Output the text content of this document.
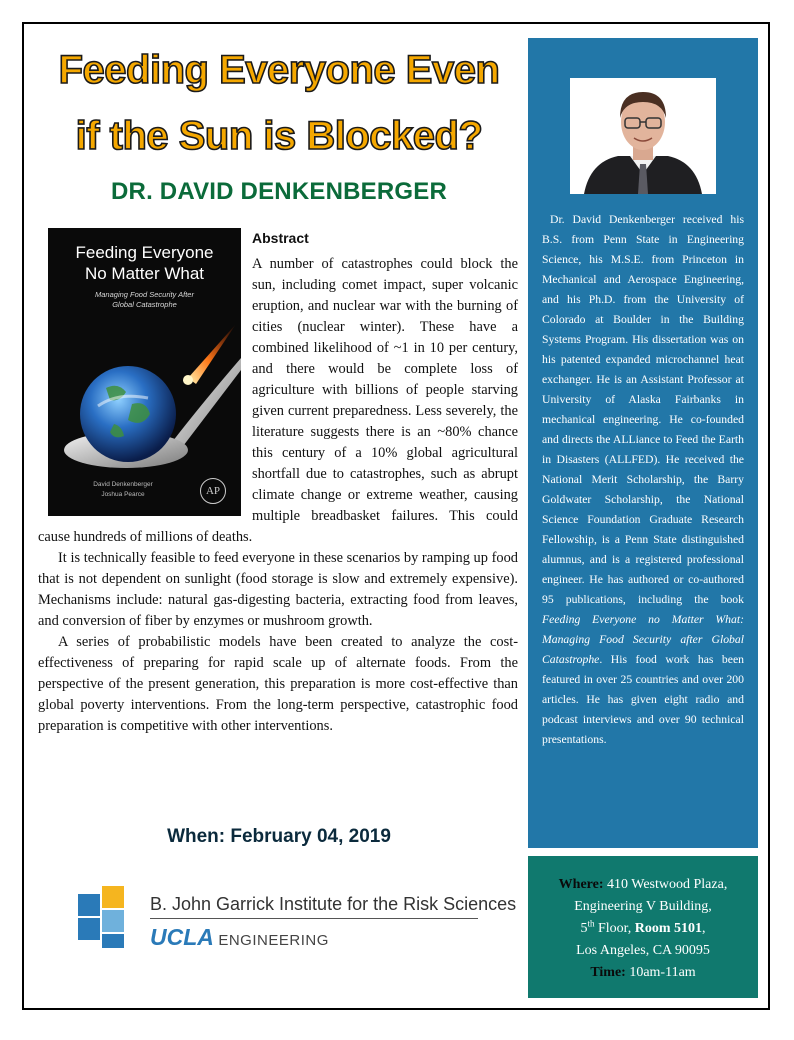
Feeding Everyone Even
if the Sun is Blocked?
DR. DAVID DENKENBERGER
Feeding Everyone
No Matter What
Managing Food Security After
Global Catastrophe
David Denkenberger
Joshua Pearce	AP
Abstract

A number of catastrophes could block the sun, including comet impact, super volcanic eruption, and nuclear war with the burning of cities (nuclear winter). These have a combined likelihood of ~1 in 10 per century, and there would be complete loss of agriculture with billions of people starving given current preparedness. Less severely, the literature suggests there is an ~80% chance this century of a 10% global agricultural shortfall due to catastrophes, such as abrupt climate change or extreme weather, causing multiple breadbasket failures. This could cause hundreds of millions of deaths.

It is technically feasible to feed everyone in these scenarios by ramping up food that is not dependent on sunlight (food storage is slow and extremely expensive). Mechanisms include: natural gas-digesting bacteria, extracting food from leaves, and conversion of fiber by enzymes or mushroom growth.

A series of probabilistic models have been created to analyze the cost-effectiveness of preparing for rapid scale up of alternate foods. From the perspective of the present generation, this preparation is more cost-effective than global poverty interventions. From the long-term perspective, catastrophic food preparation is competitive with other interventions.

When: February 04, 2019
B. John Garrick Institute for the Risk Sciences
UCLA ENGINEERING

Dr. David Denkenberger received his B.S. from Penn State in Engineering Science, his M.S.E. from Princeton in Mechanical and Aerospace Engineering, and his Ph.D. from the University of Colorado at Boulder in the Building Systems Program. His dissertation was on his patented expanded microchannel heat exchanger. He is an Assistant Professor at University of Alaska Fairbanks in mechanical engineering. He co-founded and directs the ALLiance to Feed the Earth in Disasters (ALLFED). He received the National Merit Scholarship, the Barry Goldwater Scholarship, the National Science Foundation Graduate Research Fellowship, is a Penn State distinguished alumnus, and is a registered professional engineer. He has authored or co-authored 95 publications, including the book Feeding Everyone no Matter What: Managing Food Security after Global Catastrophe. His food work has been featured in over 25 countries and over 200 articles. He has given eight radio and podcast interviews and over 90 technical presentations.

Where: 410 Westwood Plaza,
Engineering V Building,
5th Floor, Room 5101,
Los Angeles, CA 90095
Time: 10am-11am
